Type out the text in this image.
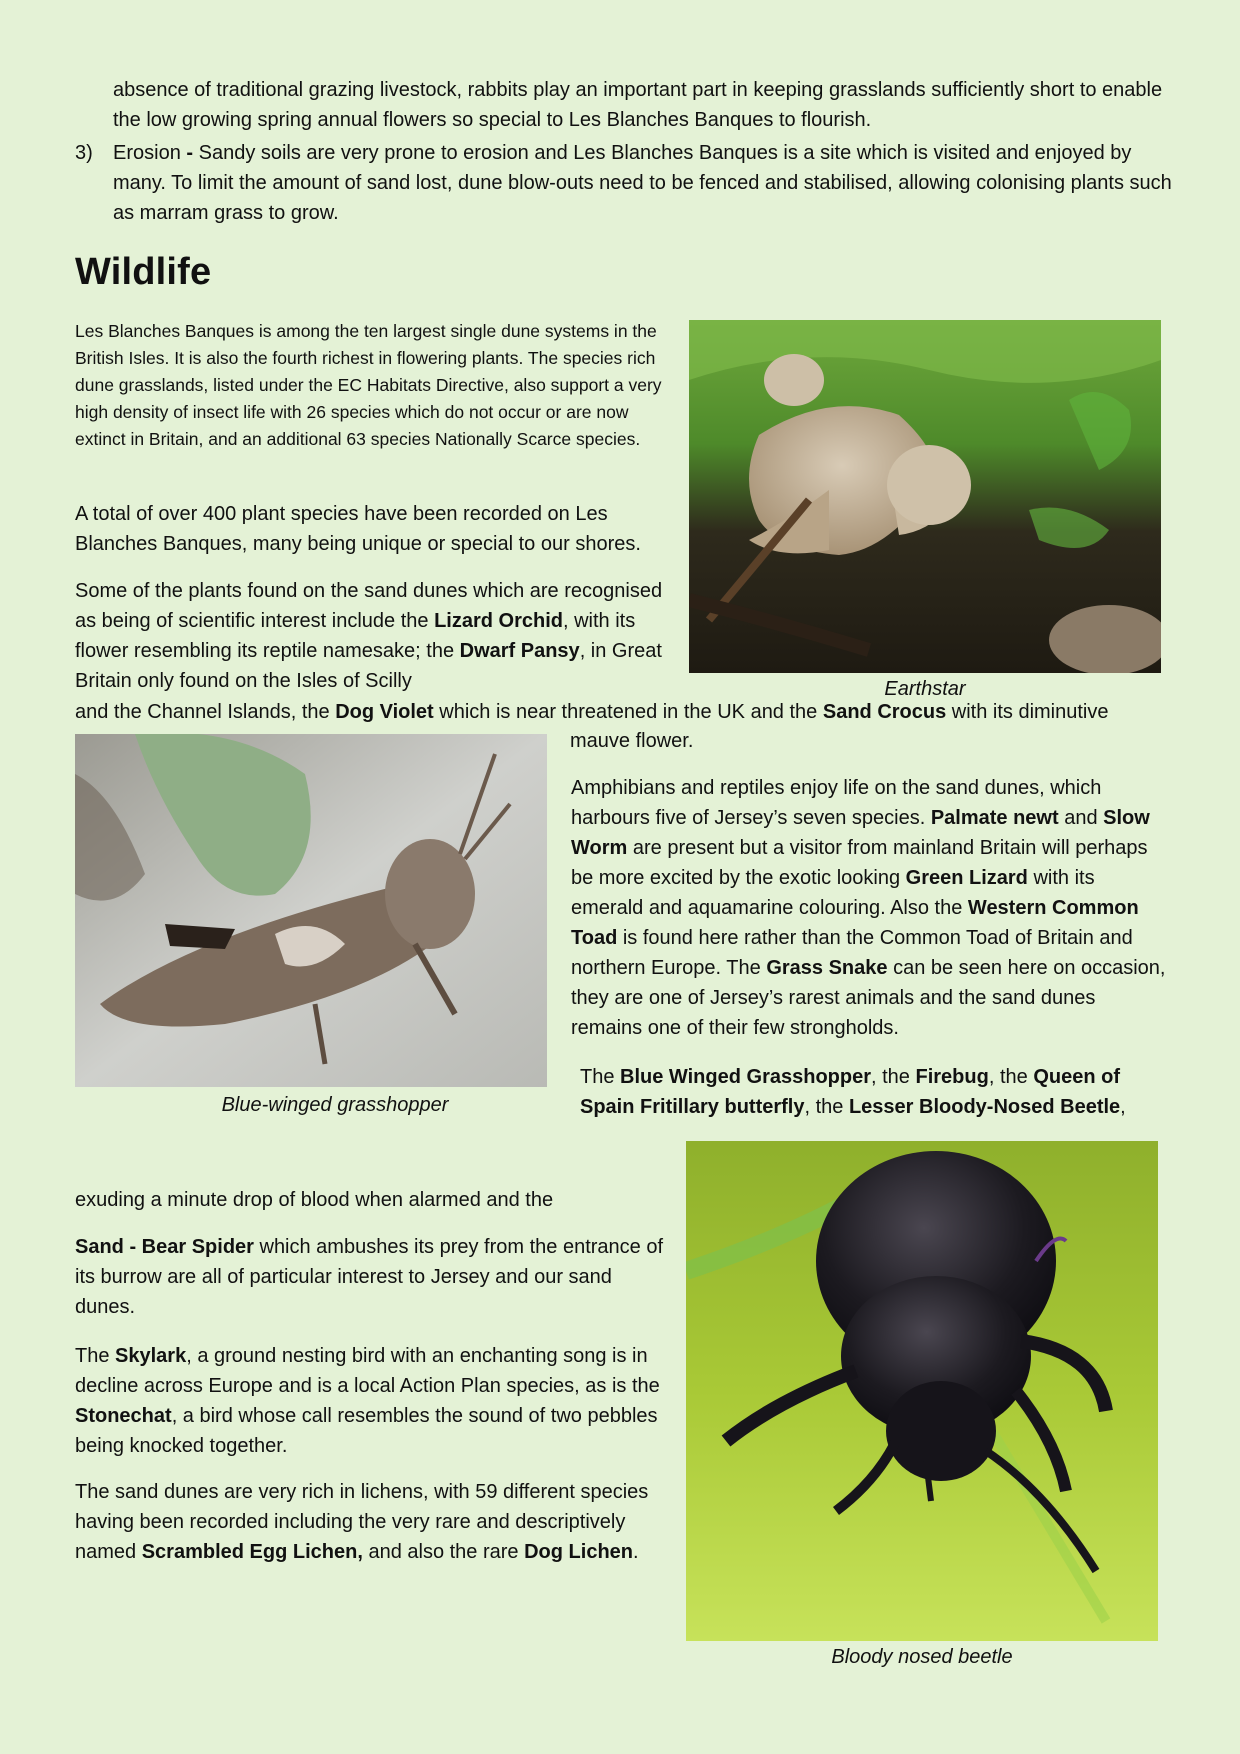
absence of traditional grazing livestock, rabbits play an important part in keeping grasslands sufficiently short to enable the low growing spring annual flowers so special to Les Blanches Banques to flourish.
3)	Erosion - Sandy soils are very prone to erosion and Les Blanches Banques is a site which is visited and enjoyed by many. To limit the amount of sand lost, dune blow-outs need to be fenced and stabilised, allowing colonising plants such as marram grass to grow.
Wildlife
Les Blanches Banques is among the ten largest single dune systems in the British Isles. It is also the fourth richest in flowering plants. The species rich dune grasslands, listed under the EC Habitats Directive, also support a very high density of insect life with 26 species which do not occur or are now extinct in Britain, and an additional 63 species Nationally Scarce species.
A total of over 400 plant species have been recorded on Les Blanches Banques, many being unique or special to our shores.
Some of the plants found on the sand dunes which are recognised as being of scientific interest include the Lizard Orchid, with its flower resembling its reptile namesake; the Dwarf Pansy, in Great Britain only found on the Isles of Scilly	Earthstar
and the Channel Islands, the Dog Violet which is near threatened in the UK and the Sand Crocus with its diminutive
Blue-winged grasshopper
mauve flower.
Amphibians and reptiles enjoy life on the sand dunes, which harbours five of Jersey’s seven species. Palmate newt and Slow Worm are present but a visitor from mainland Britain will perhaps be more excited by the exotic looking Green Lizard with its emerald and aquamarine colouring. Also the Western Common Toad is found here rather than the Common Toad of Britain and northern Europe. The Grass Snake can be seen here on occasion, they are one of Jersey’s rarest animals and the sand dunes remains one of their few strongholds.
The Blue Winged Grasshopper, the Firebug, the Queen of Spain Fritillary butterfly, the Lesser Bloody-Nosed Beetle,
exuding a minute drop of blood when alarmed and the
Sand - Bear Spider which ambushes its prey from the entrance of its burrow are all of particular interest to Jersey and our sand dunes.
The Skylark, a ground nesting bird with an enchanting song is in decline across Europe and is a local Action Plan species, as is the Stonechat, a bird whose call resembles the sound of two pebbles being knocked together.
The sand dunes are very rich in lichens, with 59 different species having been recorded including the very rare and descriptively named Scrambled Egg Lichen, and also the rare Dog Lichen.
Bloody nosed beetle
